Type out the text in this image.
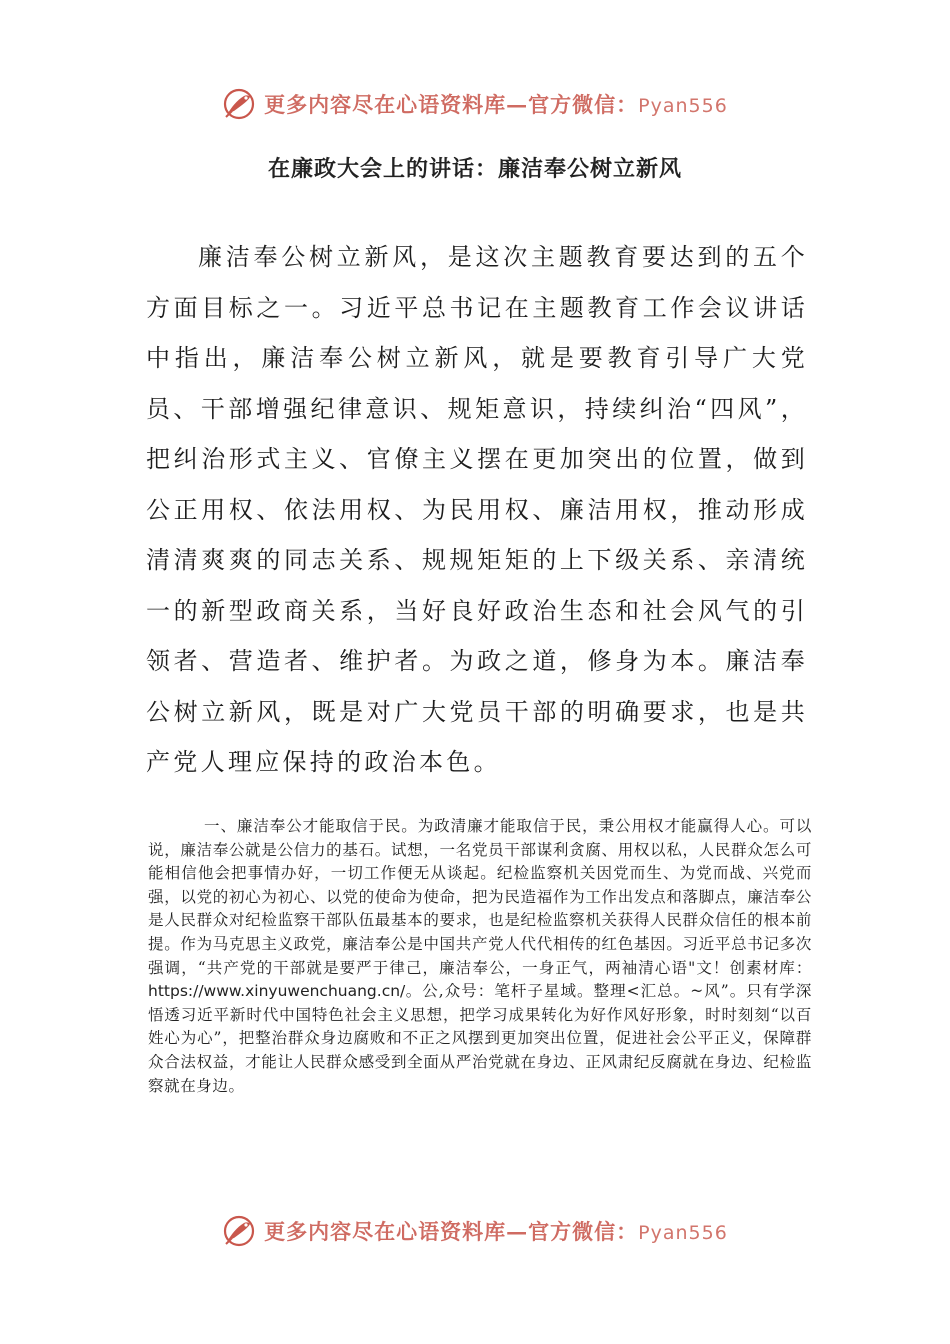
更多内容尽在心语资料库—官方微信：Pyan556
在廉政大会上的讲话：廉洁奉公树立新风

廉洁奉公树立新风，是这次主题教育要达到的五个方面目标之一。习近平总书记在主题教育工作会议讲话中指出，廉洁奉公树立新风，就是要教育引导广大党员、干部增强纪律意识、规矩意识，持续纠治“四风”，把纠治形式主义、官僚主义摆在更加突出的位置，做到公正用权、依法用权、为民用权、廉洁用权，推动形成清清爽爽的同志关系、规规矩矩的上下级关系、亲清统一的新型政商关系，当好良好政治生态和社会风气的引领者、营造者、维护者。为政之道，修身为本。廉洁奉公树立新风，既是对广大党员干部的明确要求，也是共产党人理应保持的政治本色。

一、廉洁奉公才能取信于民。为政清廉才能取信于民，秉公用权才能赢得人心。可以说，廉洁奉公就是公信力的基石。试想，一名党员干部谋利贪腐、用权以私，人民群众怎么可能相信他会把事情办好，一切工作便无从谈起。纪检监察机关因党而生、为党而战、兴党而强，以党的初心为初心、以党的使命为使命，把为民造福作为工作出发点和落脚点，廉洁奉公是人民群众对纪检监察干部队伍最基本的要求，也是纪检监察机关获得人民群众信任的根本前提。作为马克思主义政党，廉洁奉公是中国共产党人代代相传的红色基因。习近平总书记多次强调，“共产党的干部就是要严于律己，廉洁奉公，一身正气，两袖清心语"文！创素材库：https://www.xinyuwenchuang.cn/。公,众号：笔杆子星域。整理<汇总。~风”。只有学深悟透习近平新时代中国特色社会主义思想，把学习成果转化为好作风好形象，时时刻刻“以百姓心为心”，把整治群众身边腐败和不正之风摆到更加突出位置，促进社会公平正义，保障群众合法权益，才能让人民群众感受到全面从严治党就在身边、正风肃纪反腐就在身边、纪检监察就在身边。

更多内容尽在心语资料库—官方微信：Pyan556
